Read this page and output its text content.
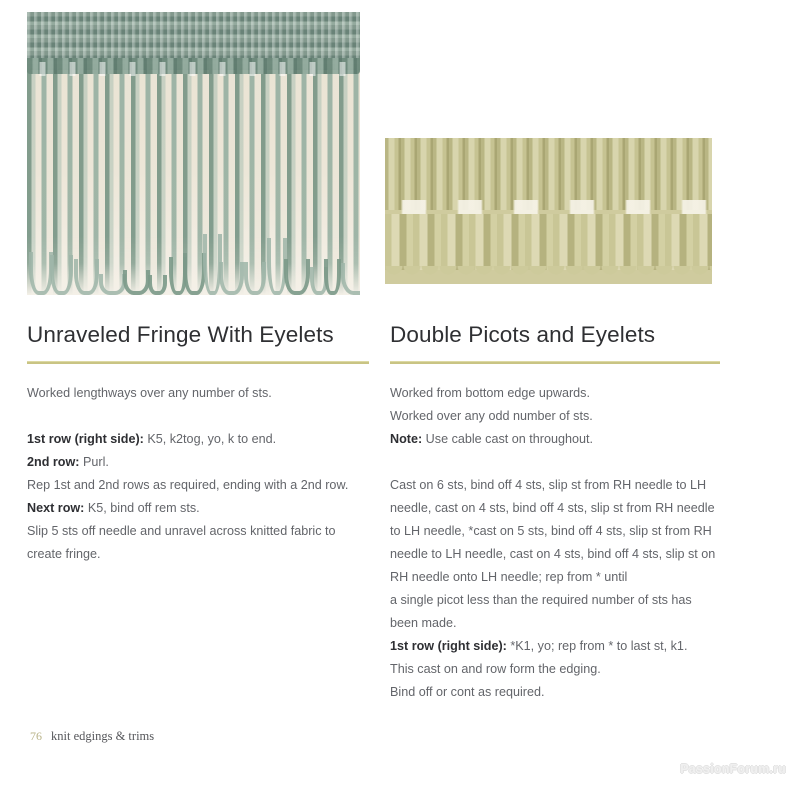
Unraveled Fringe With Eyelets

Worked lengthways over any number of sts.

1st row (right side): K5, k2tog, yo, k to end.

2nd row: Purl.

Rep 1st and 2nd rows as required, ending with a 2nd row.

Next row: K5, bind off rem sts.

Slip 5 sts off needle and unravel across knitted fabric to

create fringe.

Double Picots and Eyelets

Worked from bottom edge upwards.

Worked over any odd number of sts.

Note: Use cable cast on throughout.

Cast on 6 sts, bind off 4 sts, slip st from RH needle to LH

needle, cast on 4 sts, bind off 4 sts, slip st from RH needle

to LH needle, *cast on 5 sts, bind off 4 sts, slip st from RH

needle to LH needle, cast on 4 sts, bind off 4 sts, slip st on

RH needle onto LH needle; rep from * until

a single picot less than the required number of sts has

been made.

1st row (right side): *K1, yo; rep from * to last st, k1.

This cast on and row form the edging.

Bind off or cont as required.

76 knit edgings & trims
PassionForum.ru
